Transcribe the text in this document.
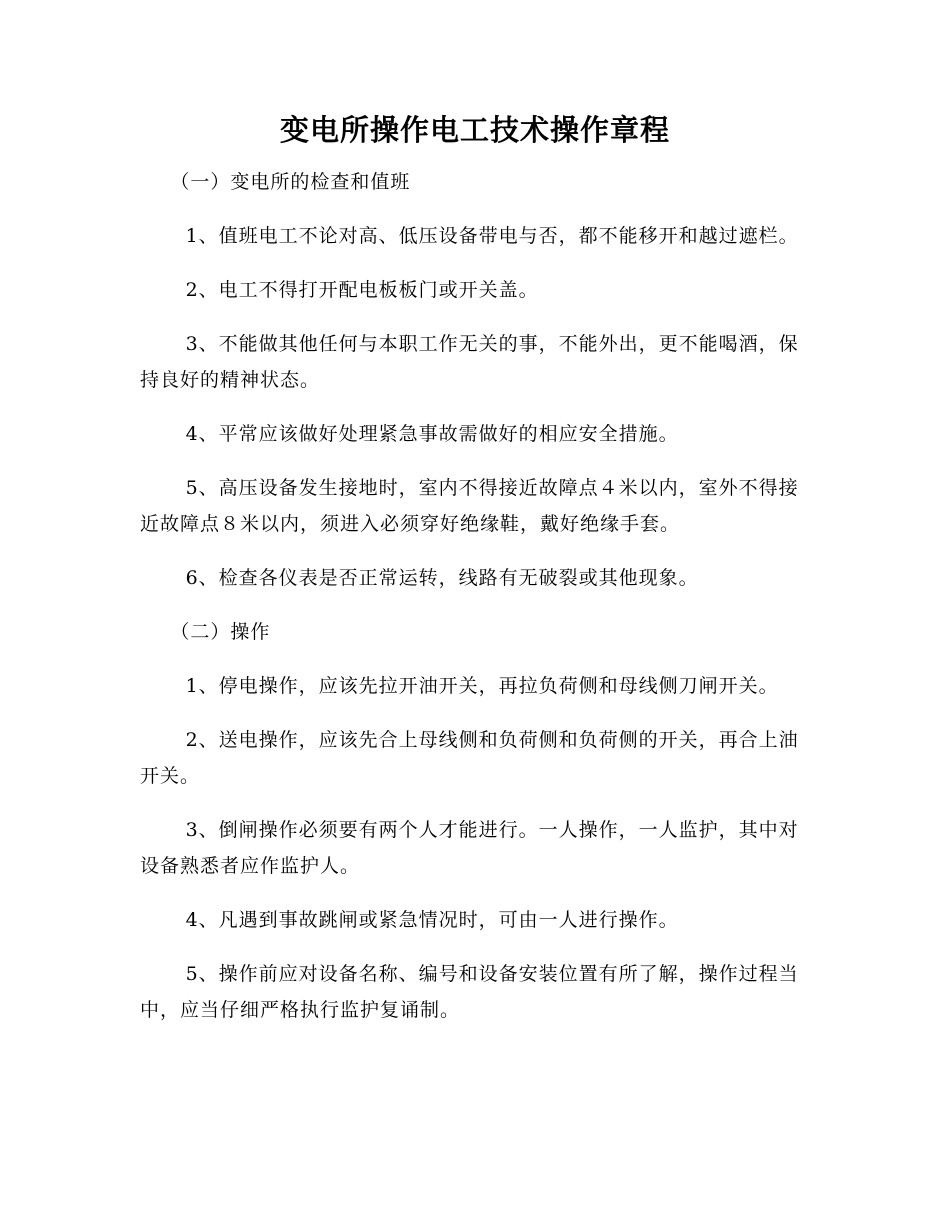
变电所操作电工技术操作章程

（一）变电所的检查和值班

1、值班电工不论对高、低压设备带电与否，都不能移开和越过遮栏。

2、电工不得打开配电板板门或开关盖。

3、不能做其他任何与本职工作无关的事，不能外出，更不能喝酒，保持良好的精神状态。

4、平常应该做好处理紧急事故需做好的相应安全措施。

5、高压设备发生接地时，室内不得接近故障点４米以内，室外不得接近故障点８米以内，须进入必须穿好绝缘鞋，戴好绝缘手套。

6、检查各仪表是否正常运转，线路有无破裂或其他现象。

（二）操作

1、停电操作，应该先拉开油开关，再拉负荷侧和母线侧刀闸开关。

2、送电操作，应该先合上母线侧和负荷侧和负荷侧的开关，再合上油开关。

3、倒闸操作必须要有两个人才能进行。一人操作，一人监护，其中对设备熟悉者应作监护人。

4、凡遇到事故跳闸或紧急情况时，可由一人进行操作。

5、操作前应对设备名称、编号和设备安装位置有所了解，操作过程当中，应当仔细严格执行监护复诵制。
